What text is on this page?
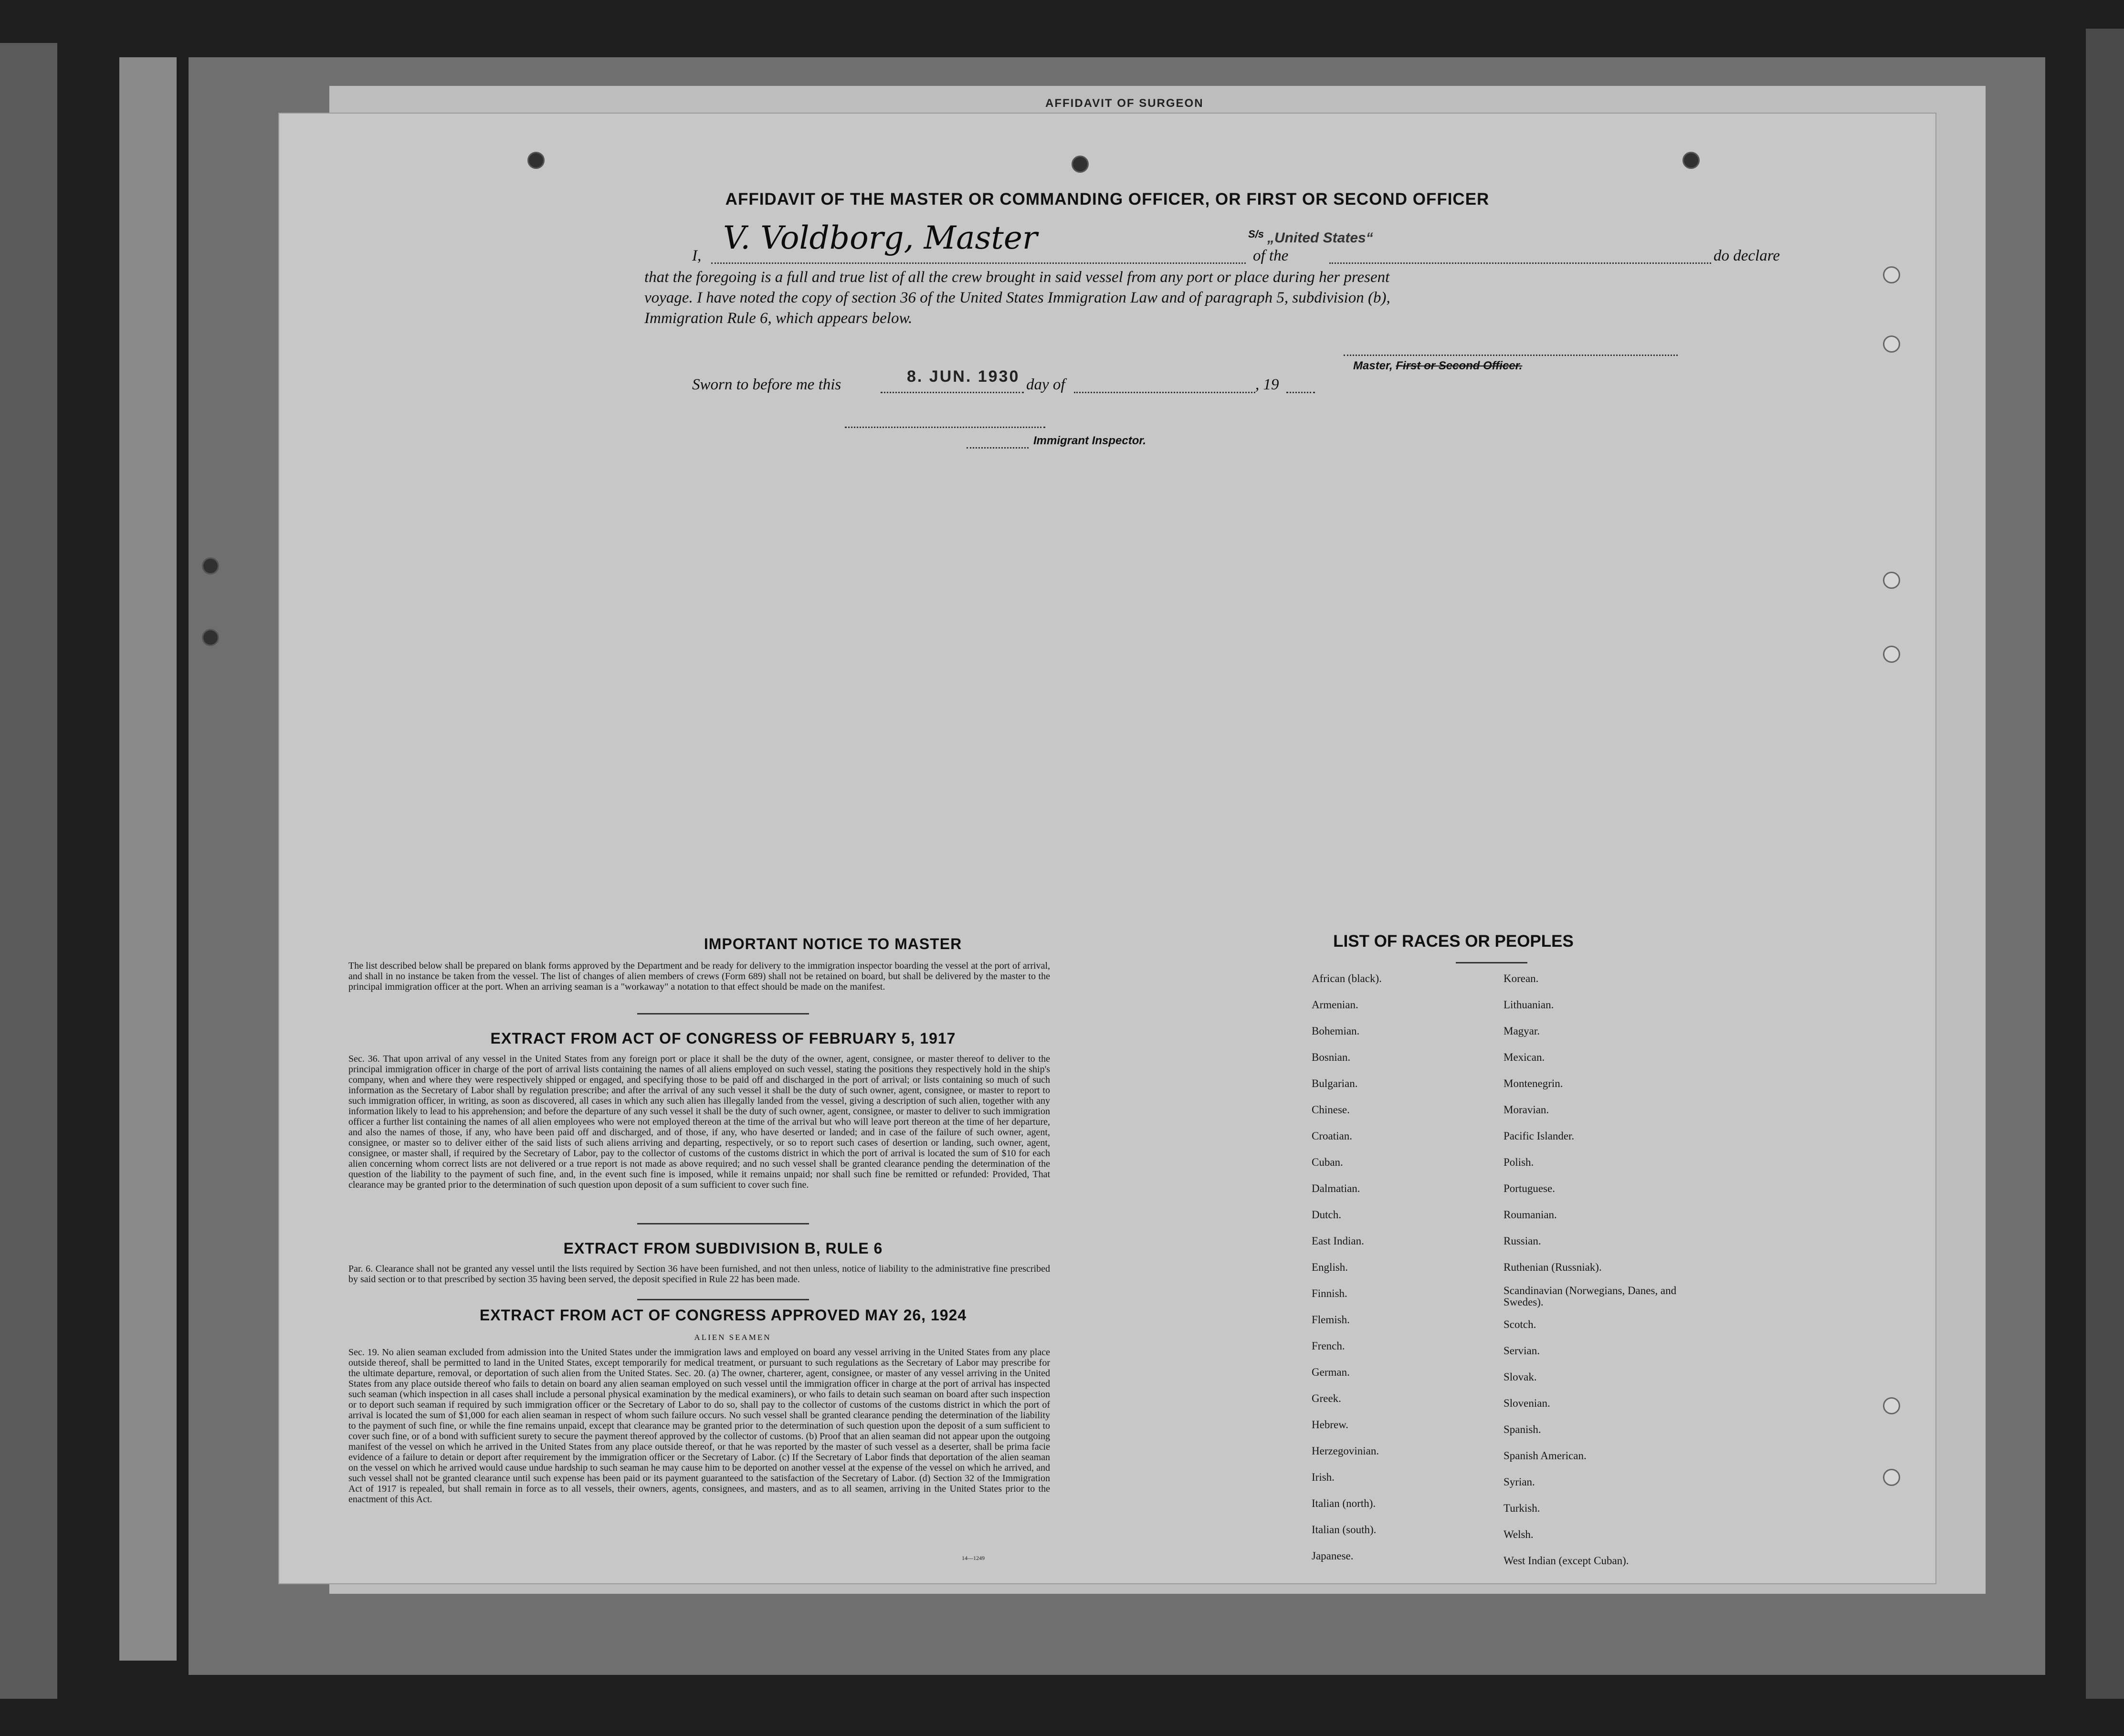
AFFIDAVIT OF SURGEON
AFFIDAVIT OF THE MASTER OR COMMANDING OFFICER, OR FIRST OR SECOND OFFICER
I, V. Voldborg, Master	of the
S/s „United States“
do declare
that the foregoing is a full and true list of all the crew brought in said vessel from any port or place during her present
voyage. I have noted the copy of section 36 of the United States Immigration Law and of paragraph 5, subdivision (b),
Immigration Rule 6, which appears below.
Master, First or Second Officer.
Sworn to before me this	8. JUN. 1930 day of	, 19
Immigrant Inspector.
IMPORTANT NOTICE TO MASTER
The list described below shall be prepared on blank forms approved by the Department and be ready for delivery to the immigration inspector boarding the vessel at the port of arrival, and shall in no instance be taken from the vessel. The list of changes of alien members of crews (Form 689) shall not be retained on board, but shall be delivered by the master to the principal immigration officer at the port. When an arriving seaman is a "workaway" a notation to that effect should be made on the manifest.
EXTRACT FROM ACT OF CONGRESS OF FEBRUARY 5, 1917
Sec. 36. That upon arrival of any vessel in the United States from any foreign port or place it shall be the duty of the owner, agent, consignee, or master thereof to deliver to the principal immigration officer in charge of the port of arrival lists containing the names of all aliens employed on such vessel, stating the positions they respectively hold in the ship's company, when and where they were respectively shipped or engaged, and specifying those to be paid off and discharged in the port of arrival; or lists containing so much of such information as the Secretary of Labor shall by regulation prescribe; and after the arrival of any such vessel it shall be the duty of such owner, agent, consignee, or master to report to such immigration officer, in writing, as soon as discovered, all cases in which any such alien has illegally landed from the vessel, giving a description of such alien, together with any information likely to lead to his apprehension; and before the departure of any such vessel it shall be the duty of such owner, agent, consignee, or master to deliver to such immigration officer a further list containing the names of all alien employees who were not employed thereon at the time of the arrival but who will leave port thereon at the time of her departure, and also the names of those, if any, who have been paid off and discharged, and of those, if any, who have deserted or landed; and in case of the failure of such owner, agent, consignee, or master so to deliver either of the said lists of such aliens arriving and departing, respectively, or so to report such cases of desertion or landing, such owner, agent, consignee, or master shall, if required by the Secretary of Labor, pay to the collector of customs of the customs district in which the port of arrival is located the sum of $10 for each alien concerning whom correct lists are not delivered or a true report is not made as above required; and no such vessel shall be granted clearance pending the determination of the question of the liability to the payment of such fine, and, in the event such fine is imposed, while it remains unpaid; nor shall such fine be remitted or refunded: Provided, That clearance may be granted prior to the determination of such question upon deposit of a sum sufficient to cover such fine.
EXTRACT FROM SUBDIVISION B, RULE 6
Par. 6. Clearance shall not be granted any vessel until the lists required by Section 36 have been furnished, and not then unless, notice of liability to the administrative fine prescribed by said section or to that prescribed by section 35 having been served, the deposit specified in Rule 22 has been made.
EXTRACT FROM ACT OF CONGRESS APPROVED MAY 26, 1924
ALIEN SEAMEN
Sec. 19. No alien seaman excluded from admission into the United States under the immigration laws and employed on board any vessel arriving in the United States from any place outside thereof, shall be permitted to land in the United States, except temporarily for medical treatment, or pursuant to such regulations as the Secretary of Labor may prescribe for the ultimate departure, removal, or deportation of such alien from the United States. Sec. 20. (a) The owner, charterer, agent, consignee, or master of any vessel arriving in the United States from any place outside thereof who fails to detain on board any alien seaman employed on such vessel until the immigration officer in charge at the port of arrival has inspected such seaman (which inspection in all cases shall include a personal physical examination by the medical examiners), or who fails to detain such seaman on board after such inspection or to deport such seaman if required by such immigration officer or the Secretary of Labor to do so, shall pay to the collector of customs of the customs district in which the port of arrival is located the sum of $1,000 for each alien seaman in respect of whom such failure occurs. No such vessel shall be granted clearance pending the determination of the liability to the payment of such fine, or while the fine remains unpaid, except that clearance may be granted prior to the determination of such question upon the deposit of a sum sufficient to cover such fine, or of a bond with sufficient surety to secure the payment thereof approved by the collector of customs. (b) Proof that an alien seaman did not appear upon the outgoing manifest of the vessel on which he arrived in the United States from any place outside thereof, or that he was reported by the master of such vessel as a deserter, shall be prima facie evidence of a failure to detain or deport after requirement by the immigration officer or the Secretary of Labor. (c) If the Secretary of Labor finds that deportation of the alien seaman on the vessel on which he arrived would cause undue hardship to such seaman he may cause him to be deported on another vessel at the expense of the vessel on which he arrived, and such vessel shall not be granted clearance until such expense has been paid or its payment guaranteed to the satisfaction of the Secretary of Labor. (d) Section 32 of the Immigration Act of 1917 is repealed, but shall remain in force as to all vessels, their owners, agents, consignees, and masters, and as to all seamen, arriving in the United States prior to the enactment of this Act.
14—1249
LIST OF RACES OR PEOPLES
African (black).
Armenian.
Bohemian.
Bosnian.
Bulgarian.
Chinese.
Croatian.
Cuban.
Dalmatian.
Dutch.
East Indian.
English.
Finnish.
Flemish.
French.
German.
Greek.
Hebrew.
Herzegovinian.
Irish.
Italian (north).
Italian (south).
Japanese.
Korean.
Lithuanian.
Magyar.
Mexican.
Montenegrin.
Moravian.
Pacific Islander.
Polish.
Portuguese.
Roumanian.
Russian.
Ruthenian (Russniak).
Scandinavian (Norwegians, Danes, and Swedes).
Scotch.
Servian.
Slovak.
Slovenian.
Spanish.
Spanish American.
Syrian.
Turkish.
Welsh.
West Indian (except Cuban).
